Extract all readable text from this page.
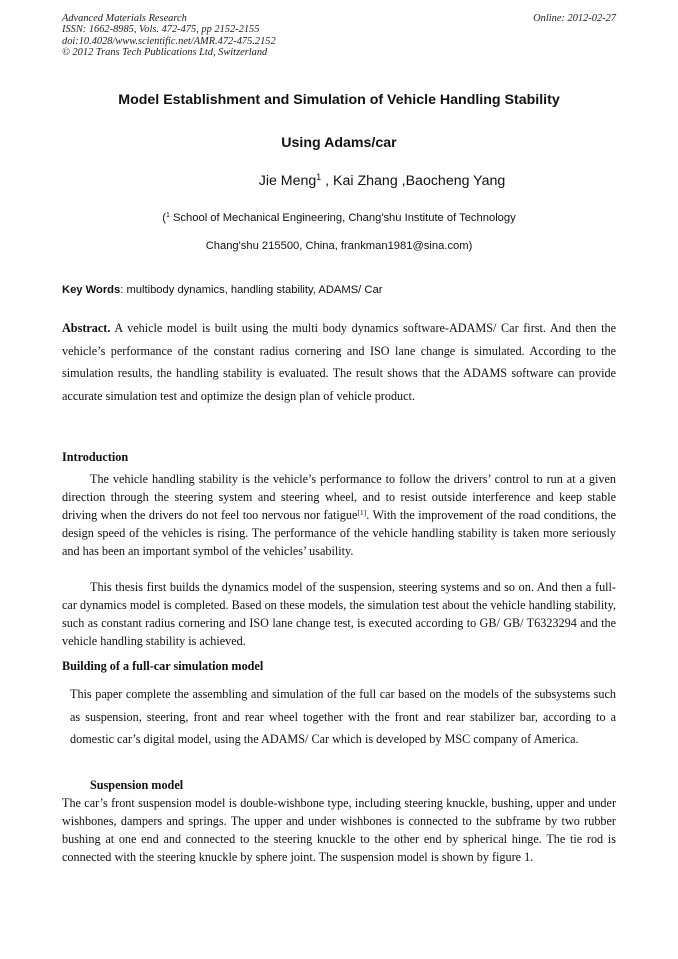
Advanced Materials Research
ISSN: 1662-8985, Vols. 472-475, pp 2152-2155
doi:10.4028/www.scientific.net/AMR.472-475.2152
© 2012 Trans Tech Publications Ltd, Switzerland
Online: 2012-02-27
Model Establishment and Simulation of Vehicle Handling Stability
Using Adams/car
Jie Meng$^1$ , Kai Zhang ,Baocheng Yang
($^1$ School of Mechanical Engineering, Chang'shu Institute of Technology
Chang'shu 215500, China, frankman1981@sina.com)
Key Words: multibody dynamics, handling stability, ADAMS/ Car

Abstract. A vehicle model is built using the multi body dynamics software-ADAMS/ Car first. And then the vehicle’s performance of the constant radius cornering and ISO lane change is simulated. According to the simulation results, the handling stability is evaluated. The result shows that the ADAMS software can provide accurate simulation test and optimize the design plan of vehicle product.

Introduction

The vehicle handling stability is the vehicle’s performance to follow the drivers’ control to run at a given direction through the steering system and steering wheel, and to resist outside interference and keep stable driving when the drivers do not feel too nervous nor fatigue[1]. With the improvement of the road conditions, the design speed of the vehicles is rising. The performance of the vehicle handling stability is taken more seriously and has been an important symbol of the vehicles’ usability.

This thesis first builds the dynamics model of the suspension, steering systems and so on. And then a full-car dynamics model is completed. Based on these models, the simulation test about the vehicle handling stability, such as constant radius cornering and ISO lane change test, is executed according to GB/ GB/ T6323294 and the vehicle handling stability is achieved.

Building of a full-car simulation model

This paper complete the assembling and simulation of the full car based on the models of the subsystems such as suspension, steering, front and rear wheel together with the front and rear stabilizer bar, according to a domestic car’s digital model, using the ADAMS/ Car which is developed by MSC company of America.

Suspension model

The car’s front suspension model is double-wishbone type, including steering knuckle, bushing, upper and under wishbones, dampers and springs. The upper and under wishbones is connected to the subframe by two rubber bushing at one end and connected to the steering knuckle to the other end by spherical hinge. The tie rod is connected with the steering knuckle by sphere joint. The suspension model is shown by figure 1.
